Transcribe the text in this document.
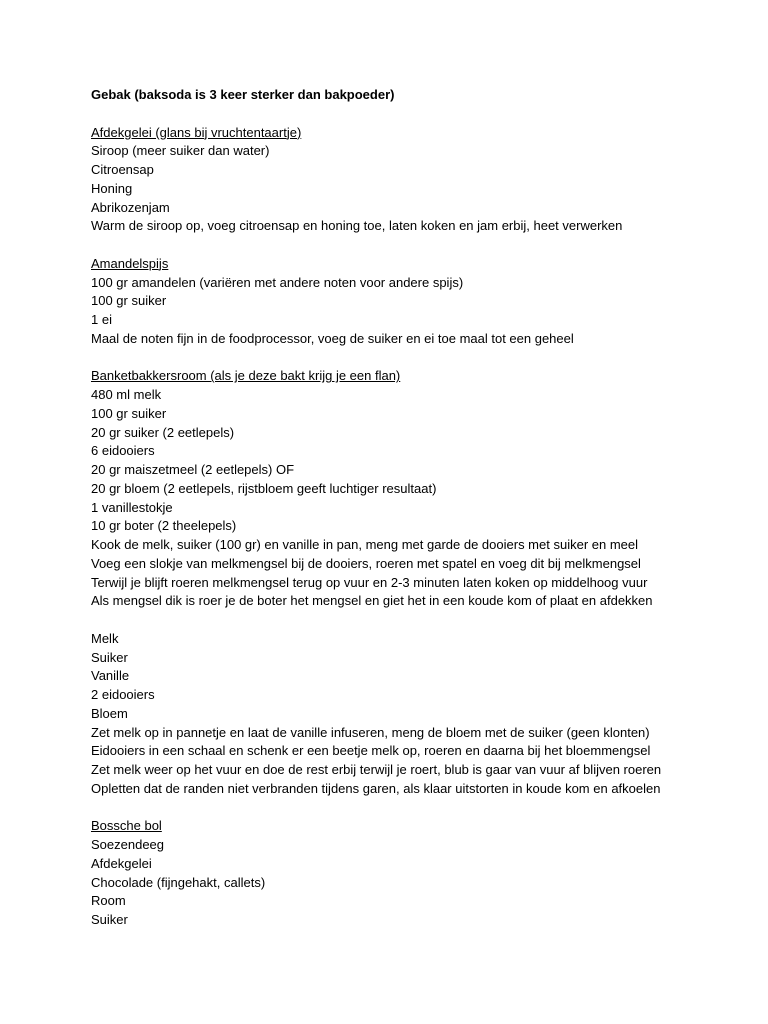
Gebak (baksoda is 3 keer sterker dan bakpoeder)
Afdekgelei (glans bij vruchtentaartje)
Siroop (meer suiker dan water)
Citroensap
Honing
Abrikozenjam
Warm de siroop op, voeg citroensap en honing toe, laten koken en jam erbij, heet verwerken
Amandelspijs
100 gr amandelen (variëren met andere noten voor andere spijs)
100 gr suiker
1 ei
Maal de noten fijn in de foodprocessor, voeg de suiker en ei toe maal tot een geheel
Banketbakkersroom (als je deze bakt krijg je een flan)
480 ml melk
100 gr suiker
20 gr suiker (2 eetlepels)
6 eidooiers
20 gr maiszetmeel (2 eetlepels) OF
20 gr bloem (2 eetlepels, rijstbloem geeft luchtiger resultaat)
1 vanillestokje
10 gr boter (2 theelepels)
Kook de melk, suiker (100 gr) en vanille in pan, meng met garde de dooiers met suiker en meel
Voeg een slokje van melkmengsel bij de dooiers, roeren met spatel en voeg dit bij melkmengsel
Terwijl je blijft roeren melkmengsel terug op vuur en 2-3 minuten laten koken op middelhoog vuur
Als mengsel dik is roer je de boter het mengsel en giet het in een koude kom of plaat en afdekken
Melk
Suiker
Vanille
2 eidooiers
Bloem
Zet melk op in pannetje en laat de vanille infuseren, meng de bloem met de suiker (geen klonten)
Eidooiers in een schaal en schenk er een beetje melk op, roeren en daarna bij het bloemmengsel
Zet melk weer op het vuur en doe de rest erbij terwijl je roert, blub is gaar van vuur af blijven roeren
Opletten dat de randen niet verbranden tijdens garen, als klaar uitstorten in koude kom en afkoelen
Bossche bol
Soezendeeg
Afdekgelei
Chocolade (fijngehakt, callets)
Room
Suiker
